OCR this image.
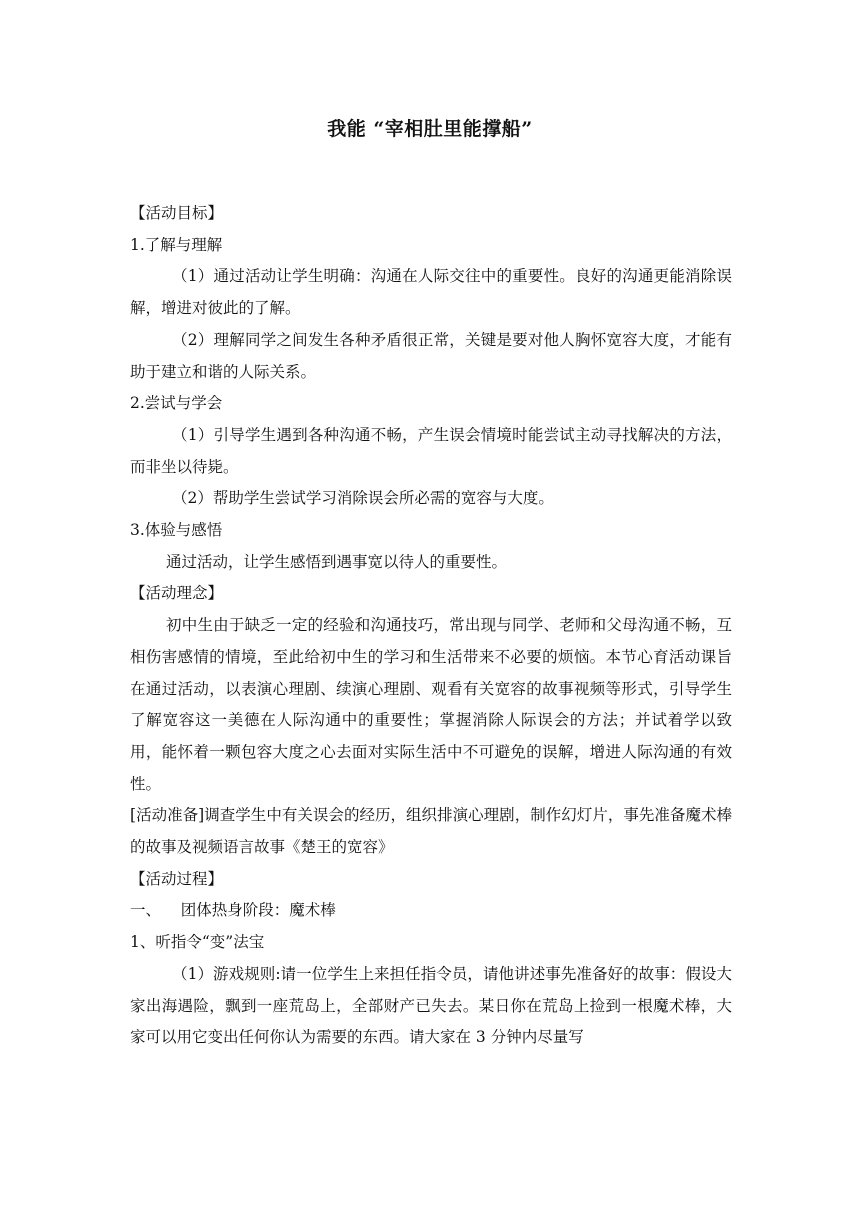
我能 “宰相肚里能撑船”

【活动目标】

1.了解与理解

（1）通过活动让学生明确：沟通在人际交往中的重要性。良好的沟通更能消除误解，增进对彼此的了解。

（2）理解同学之间发生各种矛盾很正常，关键是要对他人胸怀宽容大度，才能有助于建立和谐的人际关系。

2.尝试与学会

（1）引导学生遇到各种沟通不畅，产生误会情境时能尝试主动寻找解决的方法，而非坐以待毙。

（2）帮助学生尝试学习消除误会所必需的宽容与大度。

3.体验与感悟

通过活动，让学生感悟到遇事宽以待人的重要性。

【活动理念】

初中生由于缺乏一定的经验和沟通技巧，常出现与同学、老师和父母沟通不畅，互相伤害感情的情境，至此给初中生的学习和生活带来不必要的烦恼。本节心育活动课旨在通过活动，以表演心理剧、续演心理剧、观看有关宽容的故事视频等形式，引导学生了解宽容这一美德在人际沟通中的重要性；掌握消除人际误会的方法；并试着学以致用，能怀着一颗包容大度之心去面对实际生活中不可避免的误解，增进人际沟通的有效性。

[活动准备]调查学生中有关误会的经历，组织排演心理剧，制作幻灯片，事先准备魔术棒的故事及视频语言故事《楚王的宽容》

【活动过程】

一、    团体热身阶段：魔术棒

1、听指令“变”法宝

（1）游戏规则:请一位学生上来担任指令员，请他讲述事先准备好的故事：假设大家出海遇险，飘到一座荒岛上，全部财产已失去。某日你在荒岛上捡到一根魔术棒，大家可以用它变出任何你认为需要的东西。请大家在 3 分钟内尽量写
